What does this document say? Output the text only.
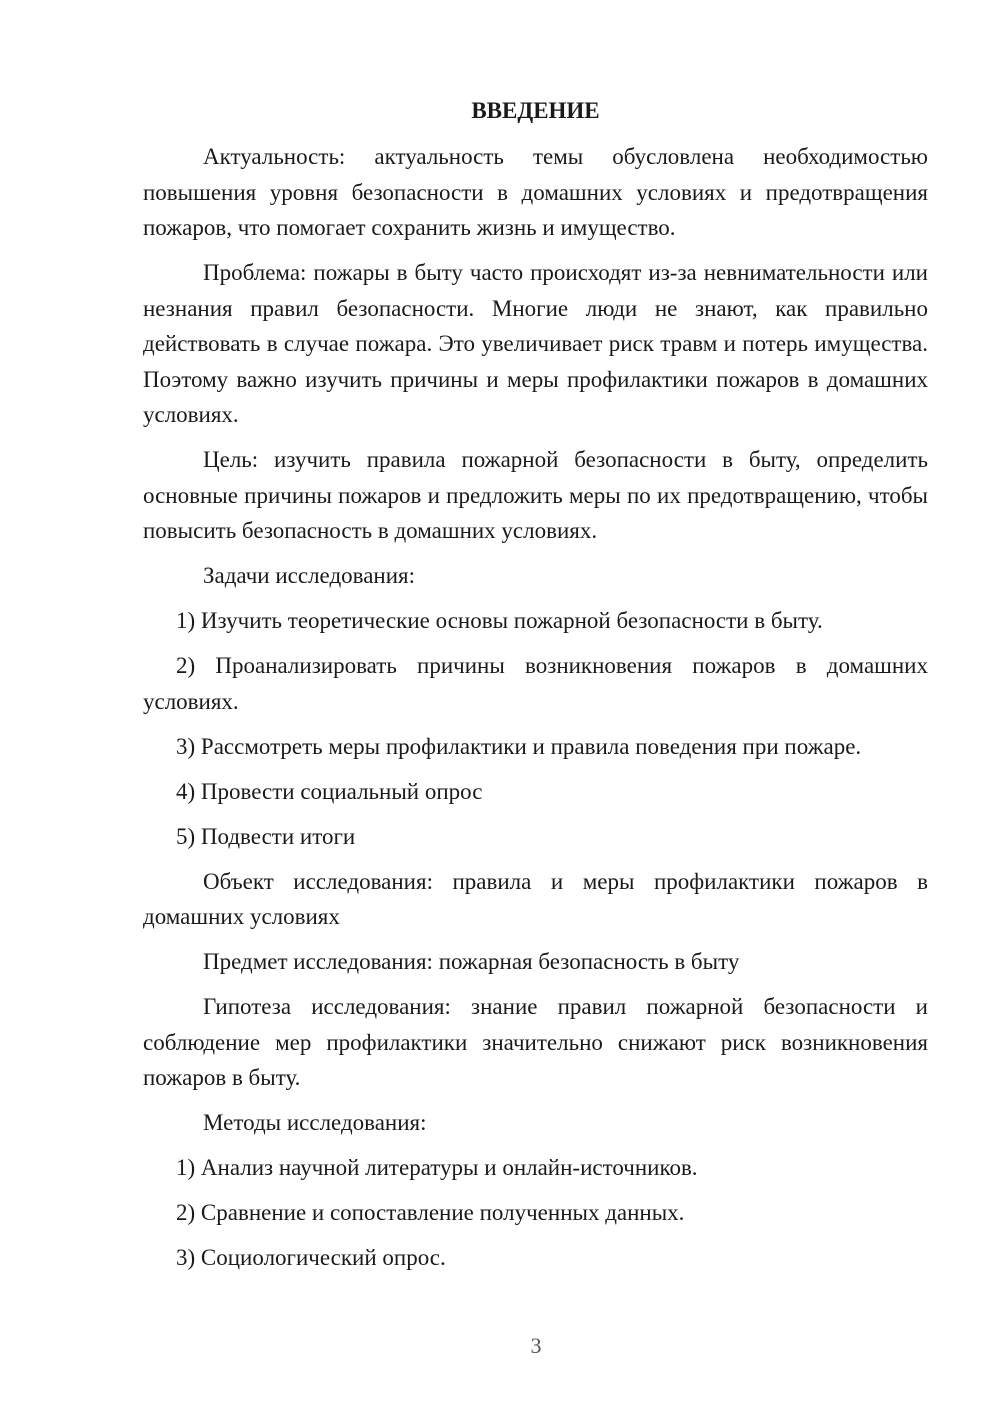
ВВЕДЕНИЕ

Актуальность: актуальность темы обусловлена необходимостью повышения уровня безопасности в домашних условиях и предотвращения пожаров, что помогает сохранить жизнь и имущество.

Проблема: пожары в быту часто происходят из-за невнимательности или незнания правил безопасности. Многие люди не знают, как правильно действовать в случае пожара. Это увеличивает риск травм и потерь имущества. Поэтому важно изучить причины и меры профилактики пожаров в домашних условиях.

Цель: изучить правила пожарной безопасности в быту, определить основные причины пожаров и предложить меры по их предотвращению, чтобы повысить безопасность в домашних условиях.

Задачи исследования:

1) Изучить теоретические основы пожарной безопасности в быту.

2) Проанализировать причины возникновения пожаров в домашних условиях.

3) Рассмотреть меры профилактики и правила поведения при пожаре.

4) Провести социальный опрос

5) Подвести итоги

Объект исследования: правила и меры профилактики пожаров в домашних условиях

Предмет исследования: пожарная безопасность в быту

Гипотеза исследования: знание правил пожарной безопасности и соблюдение мер профилактики значительно снижают риск возникновения пожаров в быту.

Методы исследования:

1) Анализ научной литературы и онлайн-источников.

2) Сравнение и сопоставление полученных данных.

3) Социологический опрос.

3
